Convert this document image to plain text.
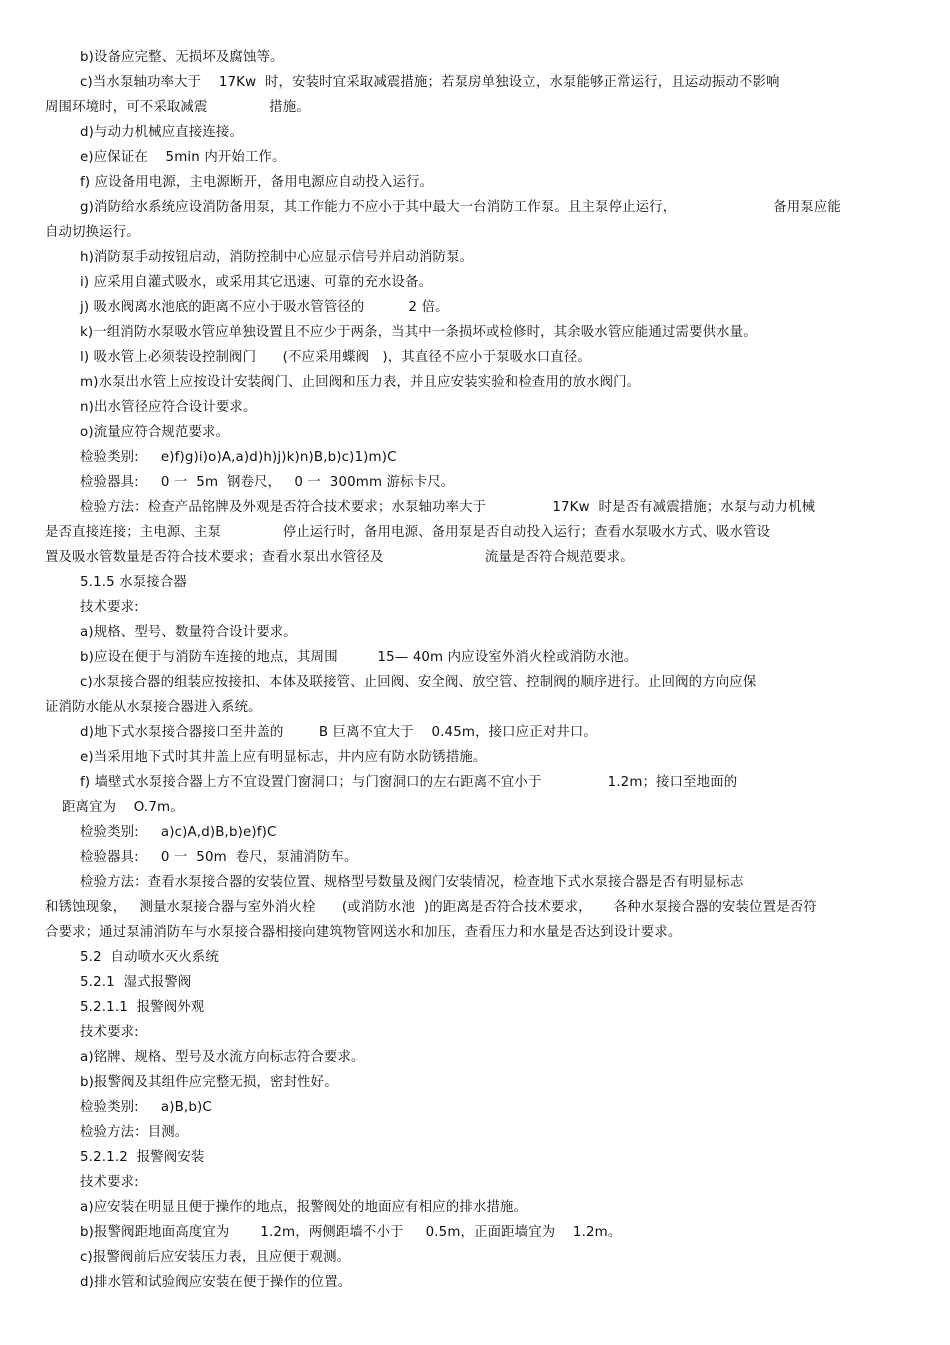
b)设备应完整、无损坏及腐蚀等。
c)当水泵轴功率大于    17Kw  时，安装时宜采取减震措施；若泵房单独设立，水泵能够正常运行，且运动振动不影响
周围环境时，可不采取减震              措施。
d)与动力机械应直接连接。
e)应保证在    5min 内开始工作。
f) 应设备用电源，主电源断开，备用电源应自动投入运行。
g)消防给水系统应设消防备用泵，其工作能力不应小于其中最大一台消防工作泵。且主泵停止运行，                      备用泵应能
自动切换运行。
h)消防泵手动按钮启动，消防控制中心应显示信号并启动消防泵。
i) 应采用自灌式吸水，或采用其它迅速、可靠的充水设备。
j) 吸水阀离水池底的距离不应小于吸水管管径的          2 倍。
k)一组消防水泵吸水管应单独设置且不应少于两条，当其中一条损坏或检修时，其余吸水管应能通过需要供水量。
l) 吸水管上必须装设控制阀门      (不应采用蝶阀   )，其直径不应小于泵吸水口直径。
m)水泵出水管上应按设计安装阀门、止回阀和压力表，并且应安装实验和检查用的放水阀门。
n)出水管径应符合设计要求。
o)流量应符合规范要求。
检验类别:     e)f)g)i)o)A,a)d)h)j)k)n)B,b)c)1)m)C
检验器具:     0 一  5m  钢卷尺，   0 一  300mm 游标卡尺。
检验方法：检查产品铭牌及外观是否符合技术要求；水泵轴功率大于               17Kw  时是否有减震措施；水泵与动力机械
是否直接连接；主电源、主泵              停止运行时，备用电源、备用泵是否自动投入运行；查看水泵吸水方式、吸水管设
置及吸水管数量是否符合技术要求；查看水泵出水管径及                       流量是否符合规范要求。
5.1.5 水泵接合器
技术要求:
a)规格、型号、数量符合设计要求。
b)应设在便于与消防车连接的地点，其周围         15— 40m 内应设室外消火栓或消防水池。
c)水泵接合器的组装应按接扣、本体及联接管、止回阀、安全阀、放空管、控制阀的顺序进行。止回阀的方向应保
证消防水能从水泵接合器进入系统。
d)地下式水泵接合器接口至井盖的        B 巨离不宜大于    0.45m，接口应正对井口。
e)当采用地下式时其井盖上应有明显标志，井内应有防水防锈措施。
f) 墙壁式水泵接合器上方不宜设置门窗洞口；与门窗洞口的左右距离不宜小于               1.2m；接口至地面的
距离宜为    O.7m。
检验类别:     a)c)A,d)B,b)e)f)C
检验器具:     0 一  50m  卷尺，泵浦消防车。
检验方法：查看水泵接合器的安装位置、规格型号数量及阀门安装情况，检查地下式水泵接合器是否有明显标志
和锈蚀现象，   测量水泵接合器与室外消火栓      (或消防水池  )的距离是否符合技术要求，     各种水泵接合器的安装位置是否符
合要求；通过泵浦消防车与水泵接合器相接向建筑物管网送水和加压，查看压力和水量是否达到设计要求。
5.2  自动喷水灭火系统
5.2.1  湿式报警阀
5.2.1.1  报警阀外观
技术要求:
a)铭牌、规格、型号及水流方向标志符合要求。
b)报警阀及其组件应完整无损，密封性好。
检验类别:     a)B,b)C
检验方法：目测。
5.2.1.2  报警阀安装
技术要求:
a)应安装在明显且便于操作的地点，报警阀处的地面应有相应的排水措施。
b)报警阀距地面高度宜为       1.2m，两侧距墙不小于     0.5m，正面距墙宜为    1.2m。
c)报警阀前后应安装压力表，且应便于观测。
d)排水管和试验阀应安装在便于操作的位置。
